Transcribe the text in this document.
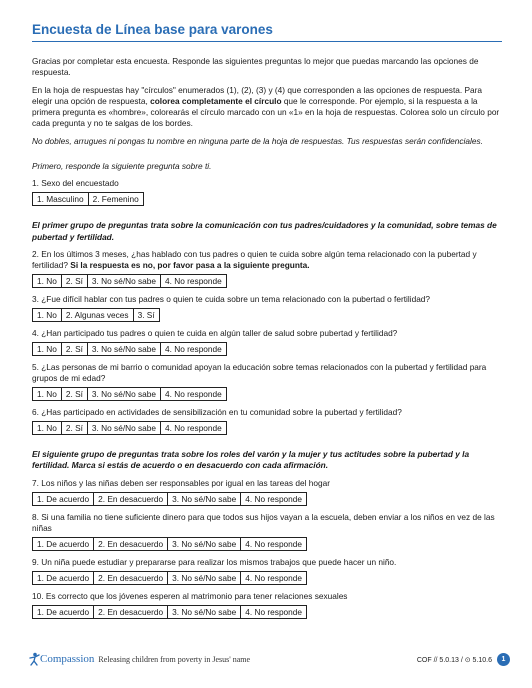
Encuesta de Línea base para varones

Gracias por completar esta encuesta. Responde las siguientes preguntas lo mejor que puedas marcando las opciones de respuesta.

En la hoja de respuestas hay "círculos" enumerados (1), (2), (3) y (4) que corresponden a las opciones de respuesta. Para elegir una opción de respuesta, colorea completamente el círculo que le corresponde. Por ejemplo, si la respuesta a la primera pregunta es «hombre», colorearás el círculo marcado con un «1» en la hoja de respuestas. Colorea solo un círculo por cada pregunta y no te salgas de los bordes.

No dobles, arrugues ni pongas tu nombre en ninguna parte de la hoja de respuestas. Tus respuestas serán confidenciales.

Primero, responde la siguiente pregunta sobre ti.

1. Sexo del encuestado
1. Masculino	2. Femenino

El primer grupo de preguntas trata sobre la comunicación con tus padres/cuidadores y la comunidad, sobre temas de pubertad y fertilidad.

2. En los últimos 3 meses, ¿has hablado con tus padres o quien te cuida sobre algún tema relacionado con la pubertad y fertilidad? Si la respuesta es no, por favor pasa a la siguiente pregunta.
1. No	2. Sí	3. No sé/No sabe	4. No responde
3. ¿Fue difícil hablar con tus padres o quien te cuida sobre un tema relacionado con la pubertad o fertilidad?
1. No	2. Algunas veces	3. Sí
4. ¿Han participado tus padres o quien te cuida en algún taller de salud sobre pubertad y fertilidad?
1. No	2. Sí	3. No sé/No sabe	4. No responde
5. ¿Las personas de mi barrio o comunidad apoyan la educación sobre temas relacionados con la pubertad y fertilidad para grupos de mi edad?
1. No	2. Sí	3. No sé/No sabe	4. No responde
6. ¿Has participado en actividades de sensibilización en tu comunidad sobre la pubertad y fertilidad?
1. No	2. Sí	3. No sé/No sabe	4. No responde

El siguiente grupo de preguntas trata sobre los roles del varón y la mujer y tus actitudes sobre la pubertad y la fertilidad. Marca si estás de acuerdo o en desacuerdo con cada afirmación.

7. Los niños y las niñas deben ser responsables por igual en las tareas del hogar
1. De acuerdo	2. En desacuerdo	3. No sé/No sabe	4. No responde
8. Si una familia no tiene suficiente dinero para que todos sus hijos vayan a la escuela, deben enviar a los niños en vez de las niñas
1. De acuerdo	2. En desacuerdo	3. No sé/No sabe	4. No responde
9. Un niña puede estudiar y prepararse para realizar los mismos trabajos que puede hacer un niño.
1. De acuerdo	2. En desacuerdo	3. No sé/No sabe	4. No responde
10. Es correcto que los jóvenes esperen al matrimonio para tener relaciones sexuales
1. De acuerdo	2. En desacuerdo	3. No sé/No sabe	4. No responde
Compassion Releasing children from poverty in Jesus' name	COF // 5.0.13 / ⊙ 5.10.6	1
